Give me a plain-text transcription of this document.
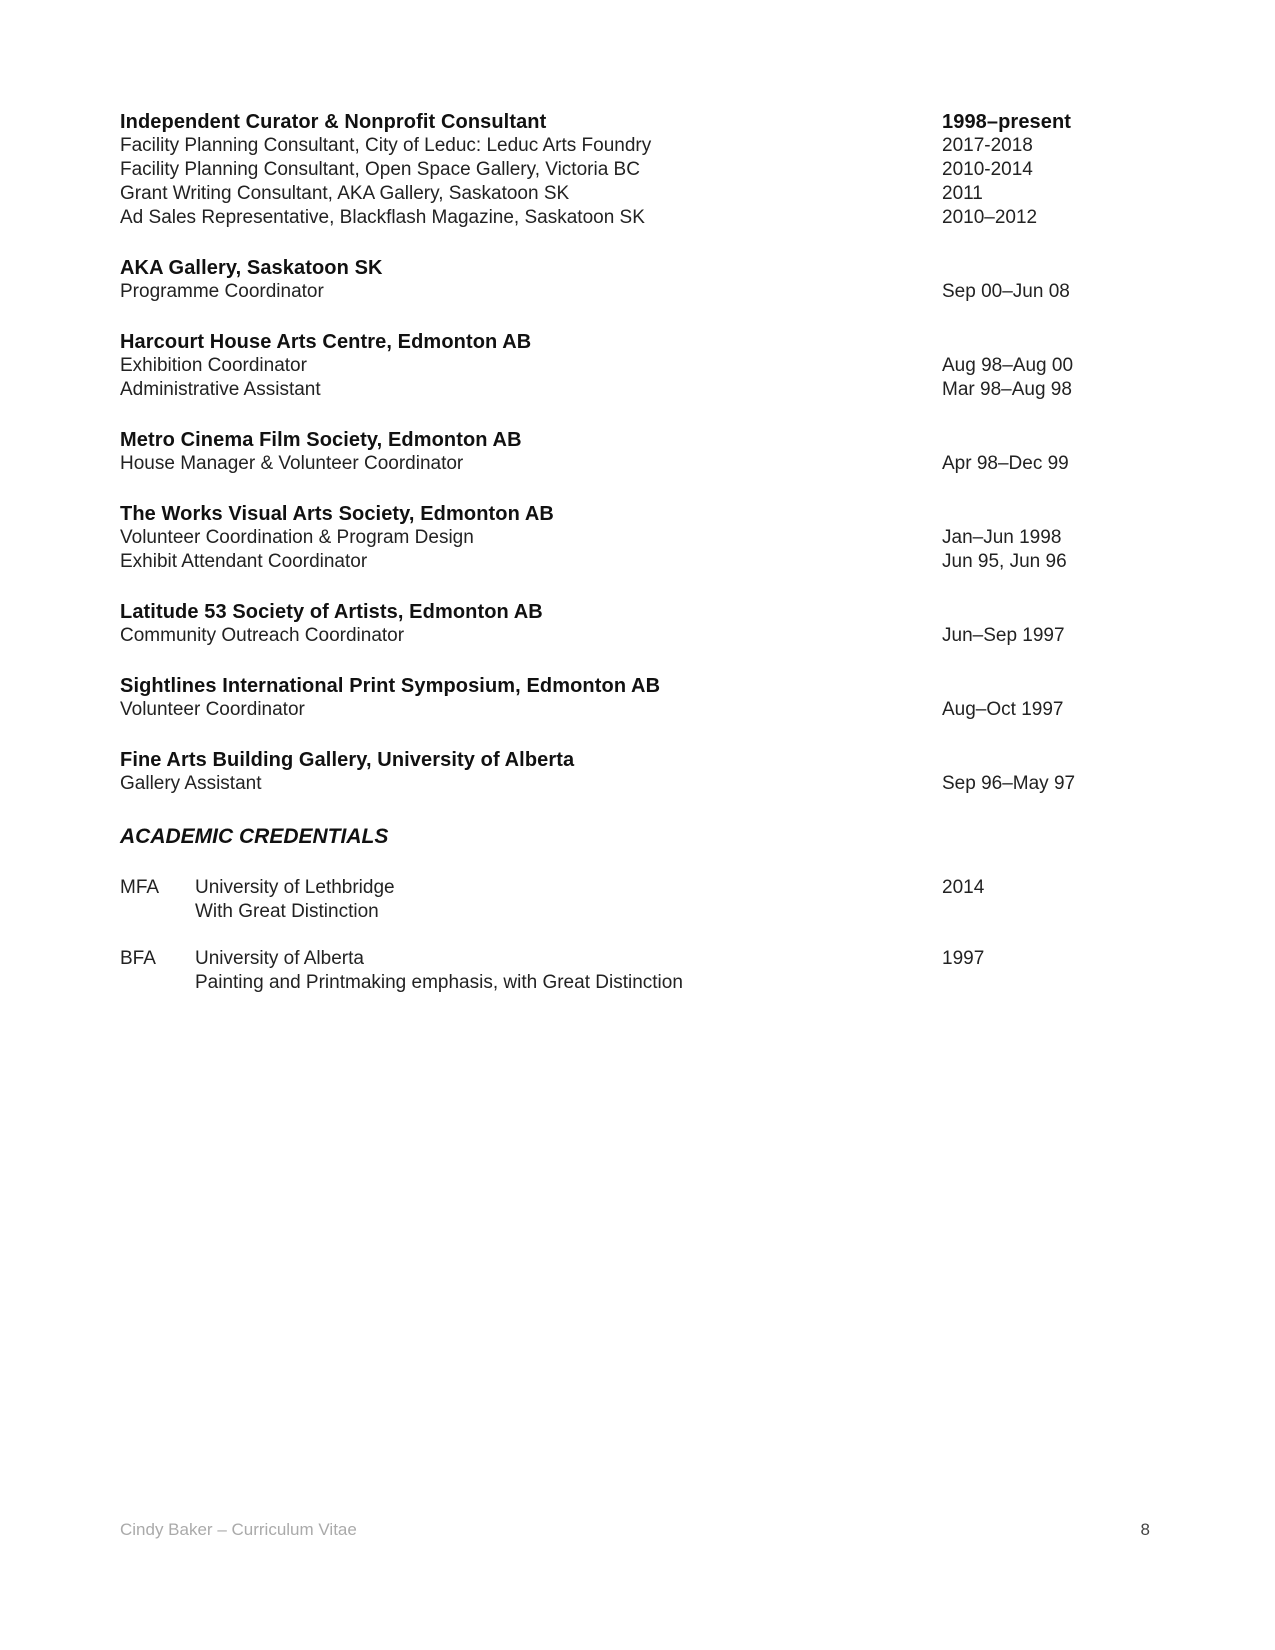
Independent Curator & Nonprofit Consultant	1998–present
Facility Planning Consultant, City of Leduc: Leduc Arts Foundry	2017-2018
Facility Planning Consultant, Open Space Gallery, Victoria BC	2010-2014
Grant Writing Consultant, AKA Gallery, Saskatoon SK	2011
Ad Sales Representative, Blackflash Magazine, Saskatoon SK	2010–2012
AKA Gallery, Saskatoon SK
Programme Coordinator	Sep 00–Jun 08
Harcourt House Arts Centre, Edmonton AB
Exhibition Coordinator	Aug 98–Aug 00
Administrative Assistant	Mar 98–Aug 98
Metro Cinema Film Society, Edmonton AB
House Manager & Volunteer Coordinator	Apr 98–Dec 99
The Works Visual Arts Society, Edmonton AB
Volunteer Coordination & Program Design	Jan–Jun 1998
Exhibit Attendant Coordinator	Jun 95, Jun 96
Latitude 53 Society of Artists, Edmonton AB
Community Outreach Coordinator	Jun–Sep 1997
Sightlines International Print Symposium, Edmonton AB
Volunteer Coordinator	Aug–Oct 1997
Fine Arts Building Gallery, University of Alberta
Gallery Assistant	Sep 96–May 97
ACADEMIC CREDENTIALS
MFA University of Lethbridge	2014
With Great Distinction
BFA University of Alberta	1997
Painting and Printmaking emphasis, with Great Distinction
Cindy Baker – Curriculum Vitae	8
